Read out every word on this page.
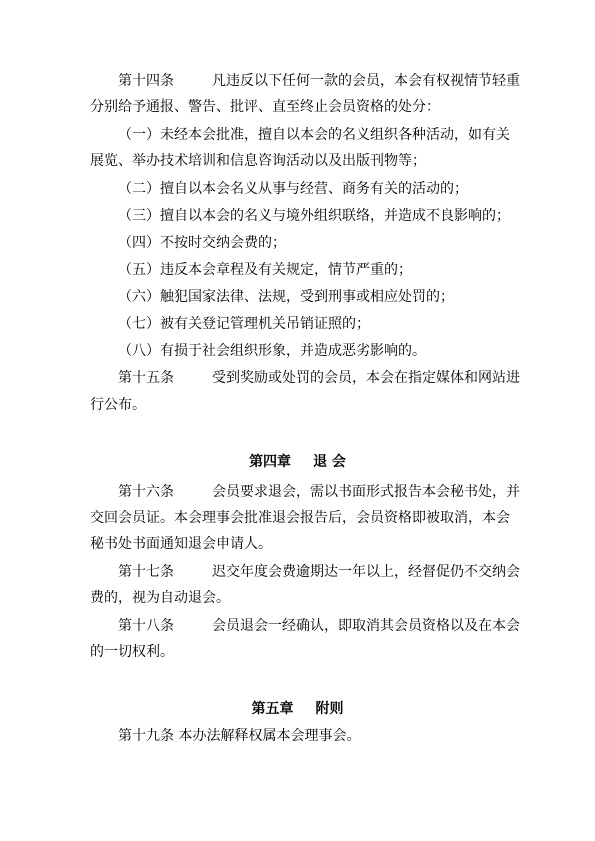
第十四条	凡违反以下任何一款的会员，本会有权视情节轻重
分别给予通报、警告、批评、直至终止会员资格的处分：
（一）未经本会批准，擅自以本会的名义组织各种活动，如有关
展览、举办技术培训和信息咨询活动以及出版刊物等；
（二）擅自以本会名义从事与经营、商务有关的活动的；
（三）擅自以本会的名义与境外组织联络，并造成不良影响的；
（四）不按时交纳会费的；
（五）违反本会章程及有关规定，情节严重的；
（六）触犯国家法律、法规，受到刑事或相应处罚的；
（七）被有关登记管理机关吊销证照的；
（八）有损于社会组织形象，并造成恶劣影响的。
第十五条	受到奖励或处罚的会员，本会在指定媒体和网站进
行公布。
第四章 退 会
第十六条	会员要求退会，需以书面形式报告本会秘书处，并
交回会员证。本会理事会批准退会报告后，会员资格即被取消，本会
秘书处书面通知退会申请人。
第十七条	迟交年度会费逾期达一年以上，经督促仍不交纳会
费的，视为自动退会。
第十八条	会员退会一经确认，即取消其会员资格以及在本会
的一切权利。
第五章 附则
第十九条 本办法解释权属本会理事会。
